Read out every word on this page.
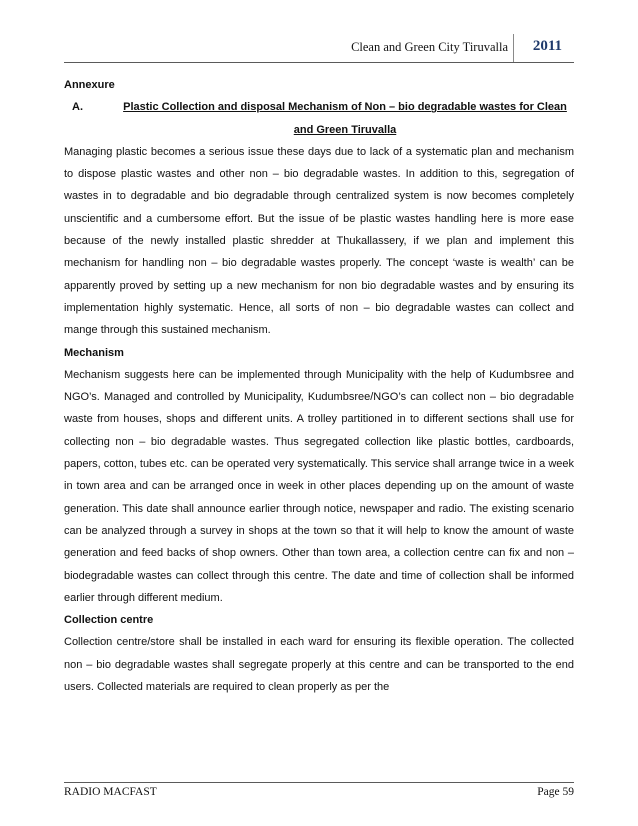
Clean and Green City Tiruvalla 2011
Annexure
A.	Plastic Collection and disposal Mechanism of Non – bio degradable wastes for Clean and Green Tiruvalla

Managing plastic becomes a serious issue these days due to lack of a systematic plan and mechanism to dispose plastic wastes and other non – bio degradable wastes. In addition to this, segregation of wastes in to degradable and bio degradable through centralized system is now becomes completely unscientific and a cumbersome effort. But the issue of be plastic wastes handling here is more ease because of the newly installed plastic shredder at Thukallassery, if we plan and implement this mechanism for handling non – bio degradable wastes properly. The concept ‘waste is wealth’ can be apparently proved by setting up a new mechanism for non bio degradable wastes and by ensuring its implementation highly systematic. Hence, all sorts of non – bio degradable wastes can collect and mange through this sustained mechanism.

Mechanism

Mechanism suggests here can be implemented through Municipality with the help of Kudumbsree and NGO’s. Managed and controlled by Municipality, Kudumbsree/NGO’s can collect non – bio degradable waste from houses, shops and different units. A trolley partitioned in to different sections shall use for collecting non – bio degradable wastes. Thus segregated collection like plastic bottles, cardboards, papers, cotton, tubes etc. can be operated very systematically. This service shall arrange twice in a week in town area and can be arranged once in week in other places depending up on the amount of waste generation. This date shall announce earlier through notice, newspaper and radio. The existing scenario can be analyzed through a survey in shops at the town so that it will help to know the amount of waste generation and feed backs of shop owners. Other than town area, a collection centre can fix and non – biodegradable wastes can collect through this centre. The date and time of collection shall be informed earlier through different medium.

Collection centre

Collection centre/store shall be installed in each ward for ensuring its flexible operation. The collected non – bio degradable wastes shall segregate properly at this centre and can be transported to the end users. Collected materials are required to clean properly as per the

RADIO MACFAST	Page 59
